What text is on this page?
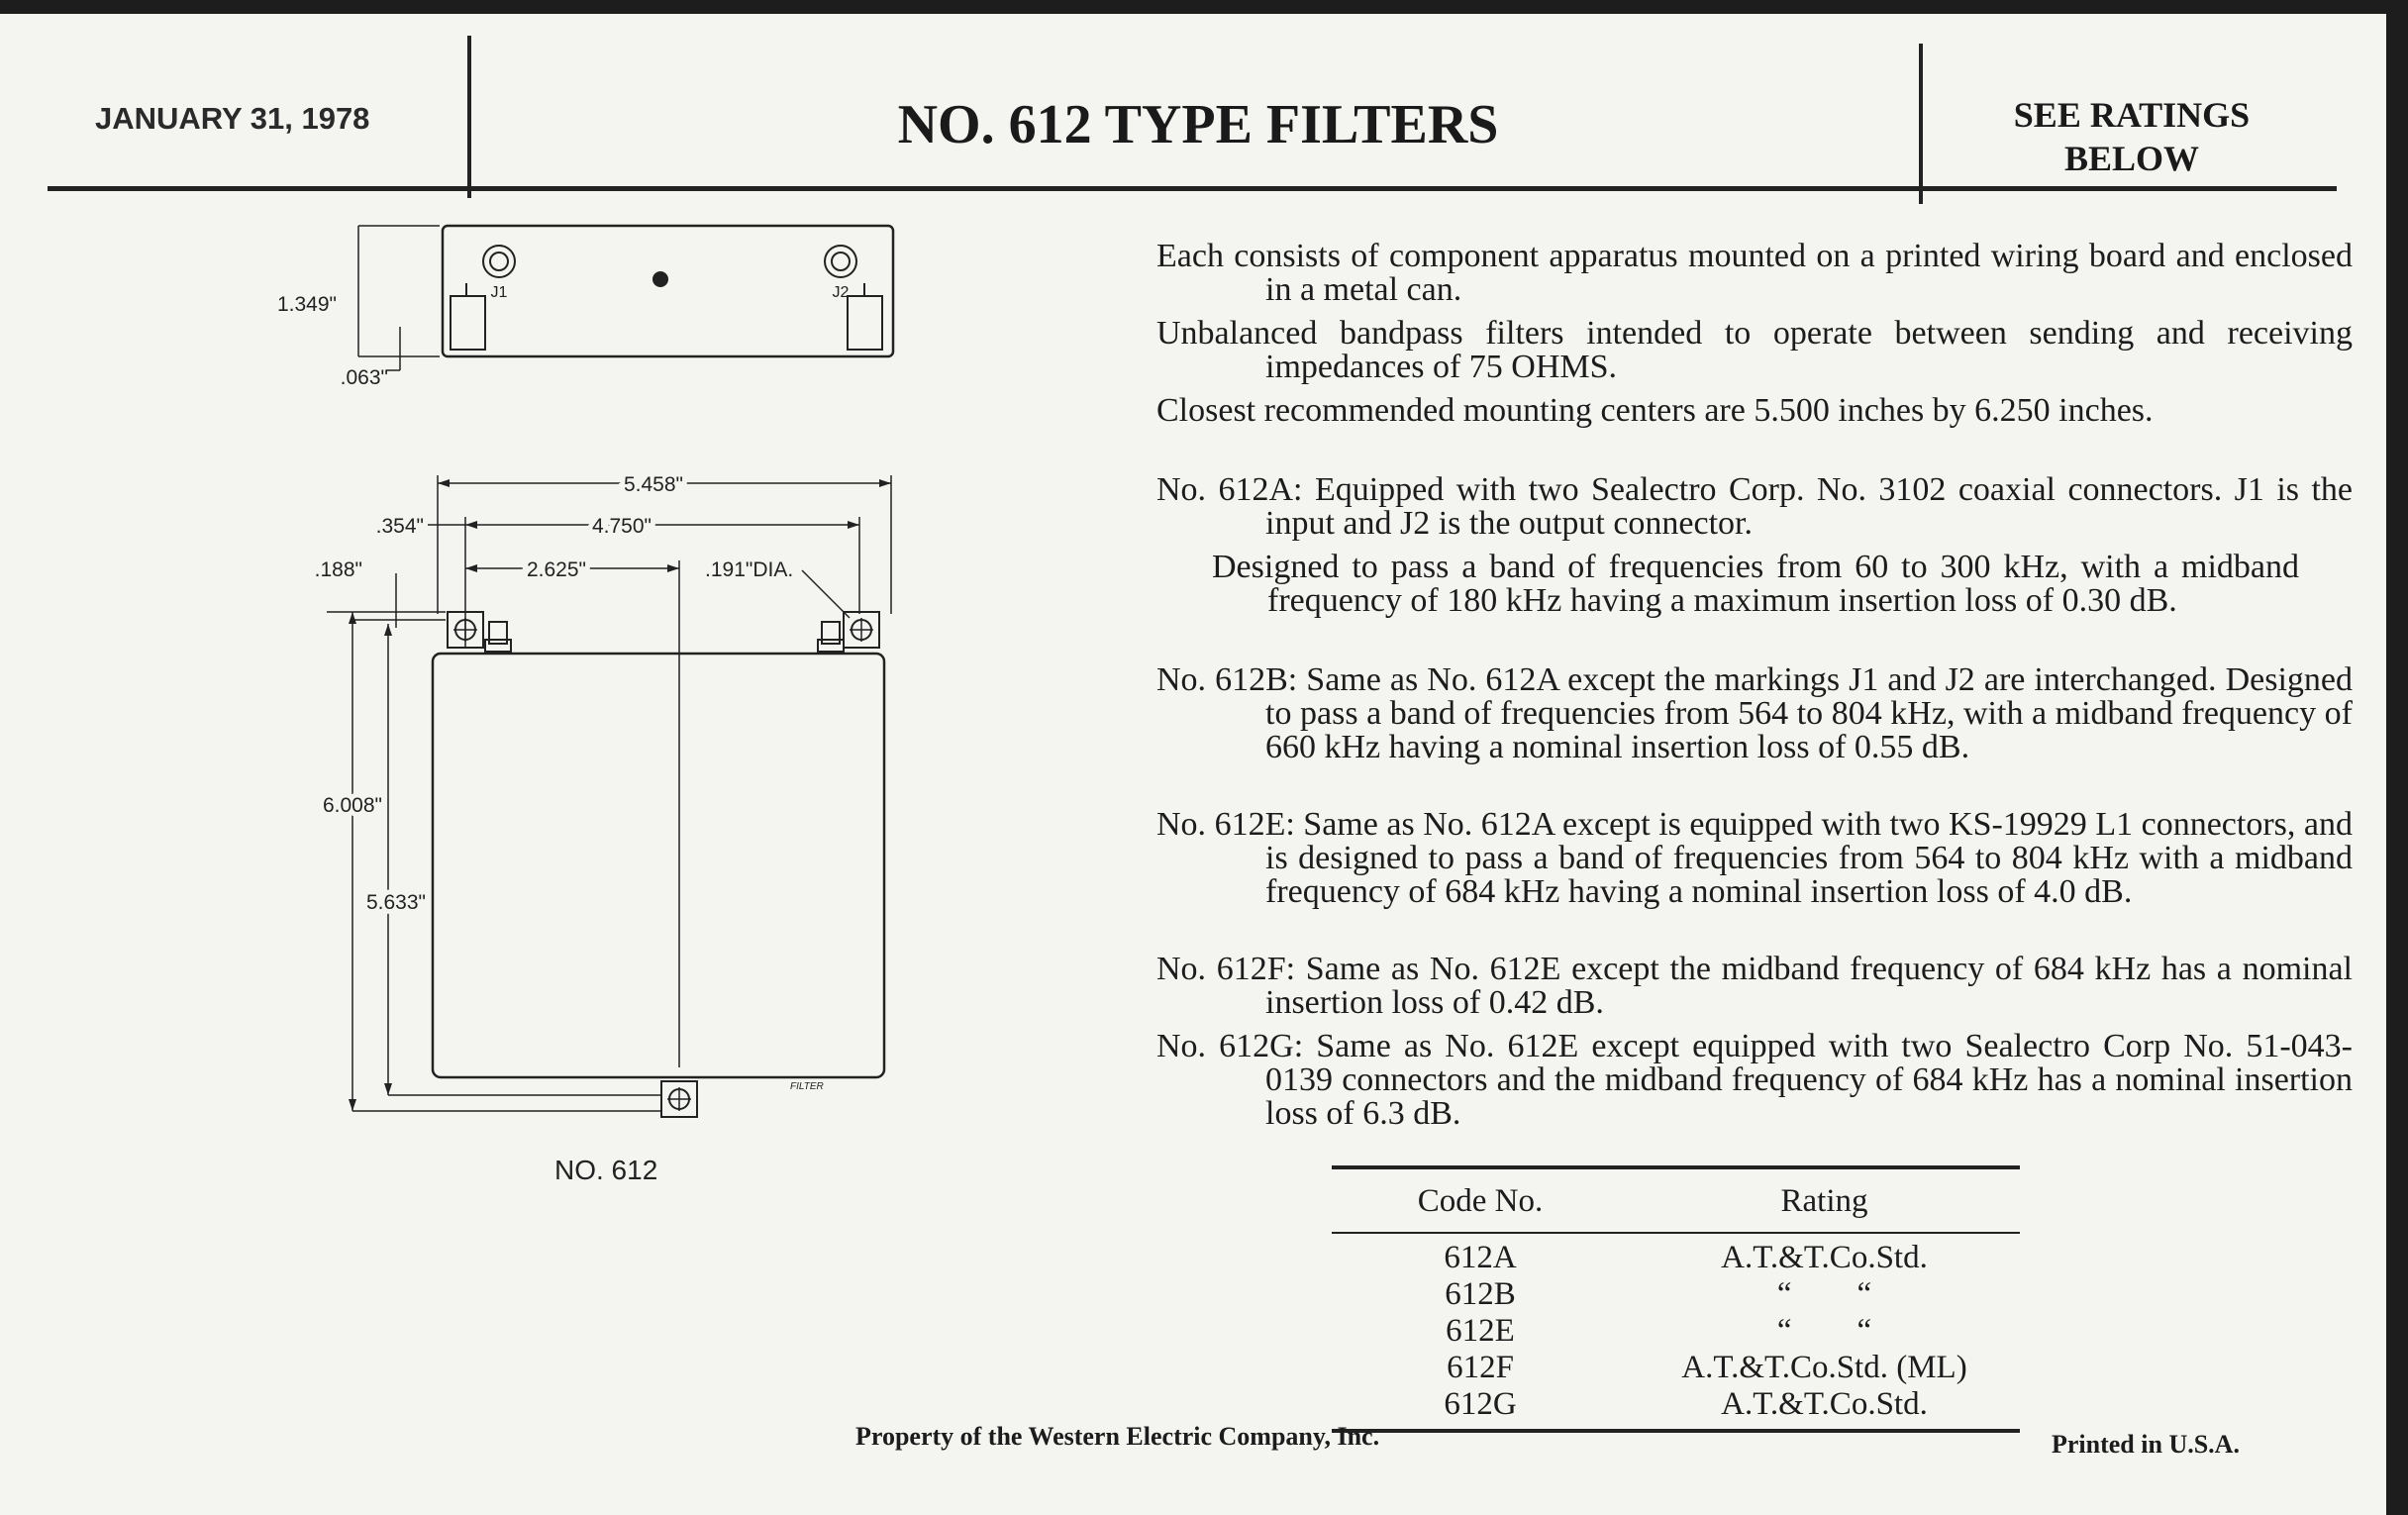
JANUARY 31, 1978	NO. 612 TYPE FILTERS	SEE RATINGS
BELOW
1.349"
.063"
J1	J2
5.458"
4.750"
2.625"
.354"
.188"	.191"DIA.
6.008"
5.633"
FILTER
NO. 612
Each consists of component apparatus mounted on a printed wiring board and enclosed in a metal can.
Unbalanced bandpass filters intended to operate between sending and receiving impedances of 75 OHMS.
Closest recommended mounting centers are 5.500 inches by 6.250 inches.
No. 612A: Equipped with two Sealectro Corp. No. 3102 coaxial connectors. J1 is the input and J2 is the output connector.
Designed to pass a band of frequencies from 60 to 300 kHz, with a midband frequency of 180 kHz having a maximum insertion loss of 0.30 dB.
No. 612B: Same as No. 612A except the markings J1 and J2 are interchanged. Designed to pass a band of frequencies from 564 to 804 kHz, with a midband frequency of 660 kHz having a nominal insertion loss of 0.55 dB.
No. 612E: Same as No. 612A except is equipped with two KS-19929 L1 connectors, and is designed to pass a band of frequencies from 564 to 804 kHz with a midband frequency of 684 kHz having a nominal insertion loss of 4.0 dB.
No. 612F: Same as No. 612E except the midband frequency of 684 kHz has a nominal insertion loss of 0.42 dB.
No. 612G: Same as No. 612E except equipped with two Sealectro Corp No. 51-043-0139 connectors and the midband frequency of 684 kHz has a nominal insertion loss of 6.3 dB.
Code No.	Rating
612A	A.T.&T.Co.Std.
612B	“        “
612E	“        “
612F	A.T.&T.Co.Std. (ML)
612G	A.T.&T.Co.Std.
Property of the Western Electric Company, Inc.	Printed in U.S.A.
